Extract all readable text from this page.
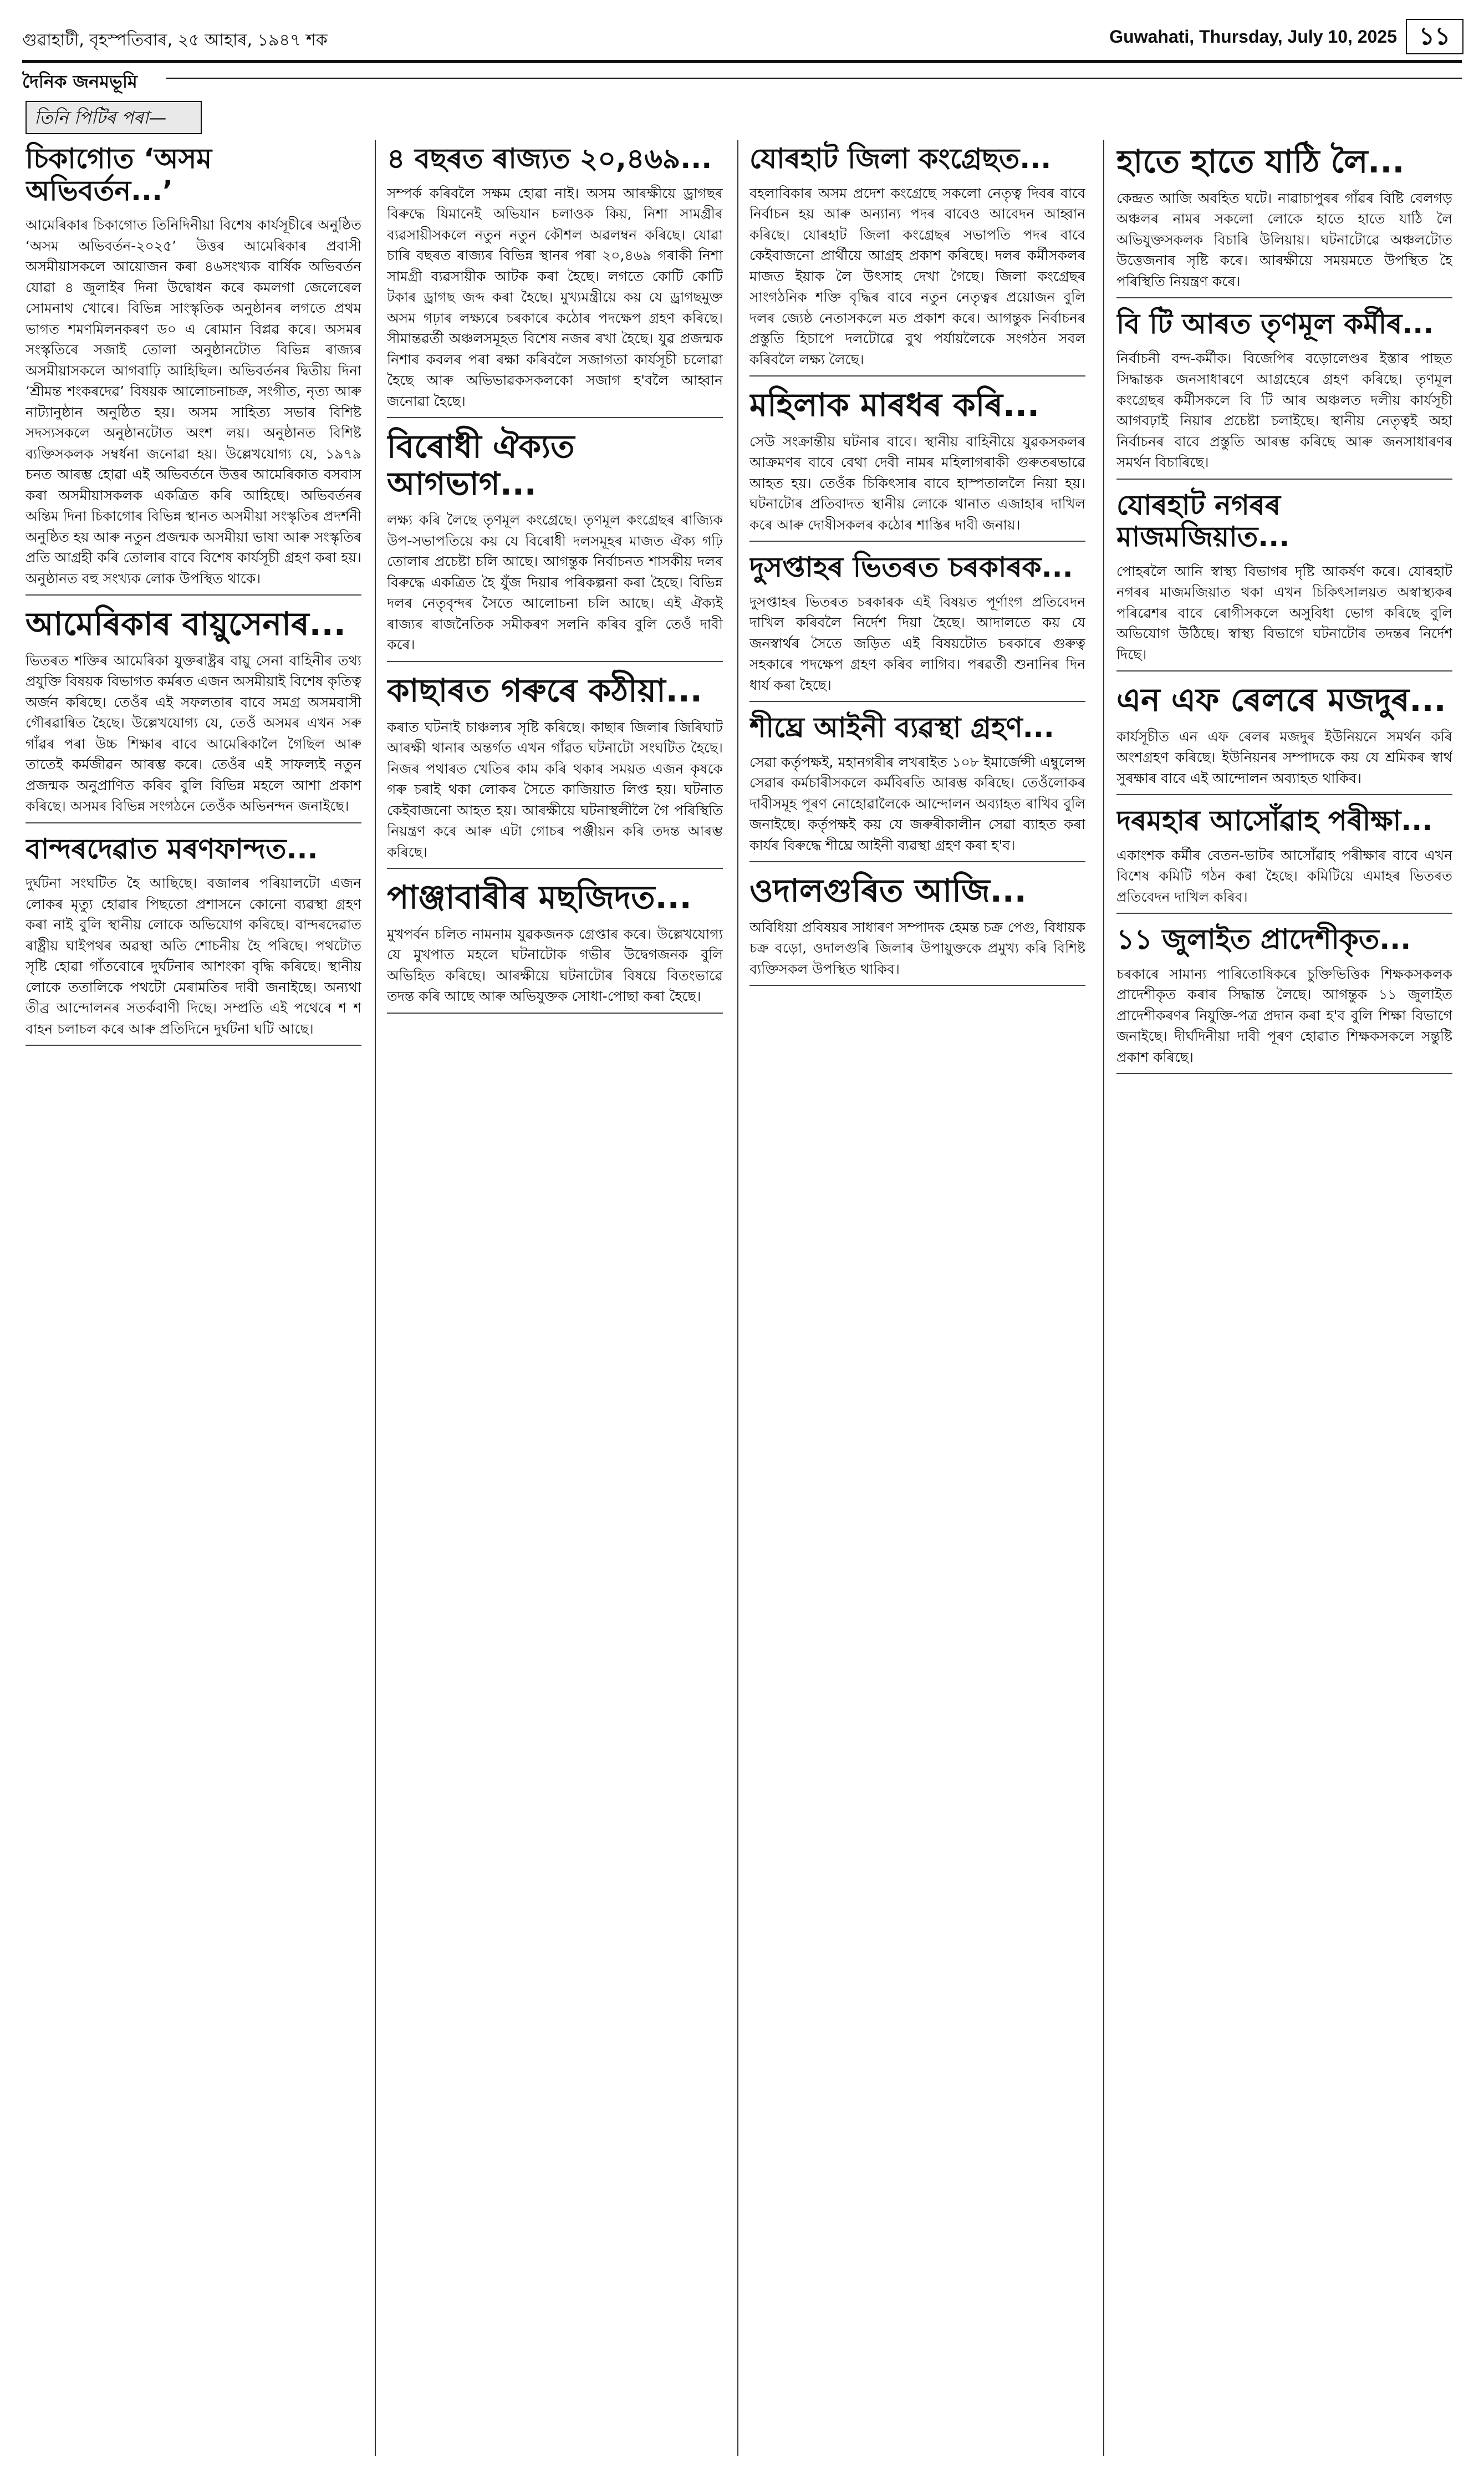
গুৱাহাটী, বৃহস্পতিবাৰ, ২৫ আহাৰ, ১৯৪৭ শক	Guwahati, Thursday, July 10, 2025 ১১
দৈনিক জনমভূমি
তিনি পিটিৰ পৰা—
চিকাগোত ‘অসম অভিবৰ্তন...’
আমেৰিকাৰ চিকাগোত তিনিদিনীয়া বিশেষ কাৰ্যসূচীৰে অনুষ্ঠিত ‘অসম অভিবৰ্তন-২০২৫’ উত্তৰ আমেৰিকাৰ প্ৰবাসী অসমীয়াসকলে আয়োজন কৰা ৪৬সংখ্যক বাৰ্ষিক অভিবৰ্তন যোৱা ৪ জুলাইৰ দিনা উদ্বোধন কৰে কমলগা জেলেৰেল সোমনাথ খোৰে। বিভিন্ন সাংস্কৃতিক অনুষ্ঠানৰ লগতে প্ৰথম ভাগত শমণমিলনকৰণ ড০ এ ৰোমান বিপ্লৱ কৰে। অসমৰ সংস্কৃতিৰে সজাই তোলা অনুষ্ঠানটোত বিভিন্ন ৰাজ্যৰ অসমীয়াসকলে আগবাঢ়ি আহিছিল। অভিবৰ্তনৰ দ্বিতীয় দিনা ‘শ্ৰীমন্ত শংকৰদেৱ’ বিষয়ক আলোচনাচক্ৰ, সংগীত, নৃত্য আৰু নাট্যানুষ্ঠান অনুষ্ঠিত হয়। অসম সাহিত্য সভাৰ বিশিষ্ট সদস্যসকলে অনুষ্ঠানটোত অংশ লয়। অনুষ্ঠানত বিশিষ্ট ব্যক্তিসকলক সম্বৰ্ধনা জনোৱা হয়। উল্লেখযোগ্য যে, ১৯৭৯ চনত আৰম্ভ হোৱা এই অভিবৰ্তনে উত্তৰ আমেৰিকাত বসবাস কৰা অসমীয়াসকলক একত্ৰিত কৰি আহিছে। অভিবৰ্তনৰ অন্তিম দিনা চিকাগোৰ বিভিন্ন স্থানত অসমীয়া সংস্কৃতিৰ প্ৰদৰ্শনী অনুষ্ঠিত হয় আৰু নতুন প্ৰজন্মক অসমীয়া ভাষা আৰু সংস্কৃতিৰ প্ৰতি আগ্ৰহী কৰি তোলাৰ বাবে বিশেষ কাৰ্যসূচী গ্ৰহণ কৰা হয়। অনুষ্ঠানত বহু সংখ্যক লোক উপস্থিত থাকে।
আমেৰিকাৰ বায়ুসেনাৰ...
ভিতৰত শক্তিৰ আমেৰিকা যুক্তৰাষ্ট্ৰৰ বায়ু সেনা বাহিনীৰ তথ্য প্ৰযুক্তি বিষয়ক বিভাগত কৰ্মৰত এজন অসমীয়াই বিশেষ কৃতিত্ব অৰ্জন কৰিছে। তেওঁৰ এই সফলতাৰ বাবে সমগ্ৰ অসমবাসী গৌৰৱান্বিত হৈছে। উল্লেখযোগ্য যে, তেওঁ অসমৰ এখন সৰু গাঁৱৰ পৰা উচ্চ শিক্ষাৰ বাবে আমেৰিকালৈ গৈছিল আৰু তাতেই কৰ্মজীৱন আৰম্ভ কৰে। তেওঁৰ এই সাফল্যই নতুন প্ৰজন্মক অনুপ্ৰাণিত কৰিব বুলি বিভিন্ন মহলে আশা প্ৰকাশ কৰিছে। অসমৰ বিভিন্ন সংগঠনে তেওঁক অভিনন্দন জনাইছে।
বান্দৰদেৱাত মৰণফান্দত...
দুৰ্ঘটনা সংঘটিত হৈ আছিছে। বজালৰ পৰিয়ালটো এজন লোকৰ মৃত্যু হোৱাৰ পিছতো প্ৰশাসনে কোনো ব্যৱস্থা গ্ৰহণ কৰা নাই বুলি স্থানীয় লোকে অভিযোগ কৰিছে। বান্দৰদেৱাত ৰাষ্ট্ৰীয় ঘাইপথৰ অৱস্থা অতি শোচনীয় হৈ পৰিছে। পথটোত সৃষ্টি হোৱা গাঁতবোৰে দুৰ্ঘটনাৰ আশংকা বৃদ্ধি কৰিছে। স্থানীয় লোকে ততালিকে পথটো মেৰামতিৰ দাবী জনাইছে। অন্যথা তীব্ৰ আন্দোলনৰ সতৰ্কবাণী দিছে। সম্প্ৰতি এই পথেৰে শ শ বাহন চলাচল কৰে আৰু প্ৰতিদিনে দুৰ্ঘটনা ঘটি আছে।
৪ বছৰত ৰাজ্যত ২০,৪৬৯...
সম্পৰ্ক কৰিবলৈ সক্ষম হোৱা নাই। অসম আৰক্ষীয়ে ড্ৰাগছৰ বিৰুদ্ধে যিমানেই অভিযান চলাওক কিয়, নিশা সামগ্ৰীৰ ব্যৱসায়ীসকলে নতুন নতুন কৌশল অৱলম্বন কৰিছে। যোৱা চাৰি বছৰত ৰাজ্যৰ বিভিন্ন স্থানৰ পৰা ২০,৪৬৯ গৰাকী নিশা সামগ্ৰী ব্যৱসায়ীক আটক কৰা হৈছে। লগতে কোটি কোটি টকাৰ ড্ৰাগছ জব্দ কৰা হৈছে। মুখ্যমন্ত্ৰীয়ে কয় যে ড্ৰাগছমুক্ত অসম গঢ়াৰ লক্ষ্যৰে চৰকাৰে কঠোৰ পদক্ষেপ গ্ৰহণ কৰিছে। সীমান্তৱৰ্তী অঞ্চলসমূহত বিশেষ নজৰ ৰখা হৈছে। যুৱ প্ৰজন্মক নিশাৰ কবলৰ পৰা ৰক্ষা কৰিবলৈ সজাগতা কাৰ্যসূচী চলোৱা হৈছে আৰু অভিভাৱকসকলকো সজাগ হ'বলৈ আহ্বান জনোৱা হৈছে।
বিৰোধী ঐক্যত আগভাগ...
লক্ষ্য কৰি লৈছে তৃণমূল কংগ্ৰেছে। তৃণমূল কংগ্ৰেছৰ ৰাজ্যিক উপ-সভাপতিয়ে কয় যে বিৰোধী দলসমূহৰ মাজত ঐক্য গঢ়ি তোলাৰ প্ৰচেষ্টা চলি আছে। আগন্তুক নিৰ্বাচনত শাসকীয় দলৰ বিৰুদ্ধে একত্ৰিত হৈ যুঁজ দিয়াৰ পৰিকল্পনা কৰা হৈছে। বিভিন্ন দলৰ নেতৃবৃন্দৰ সৈতে আলোচনা চলি আছে। এই ঐক্যই ৰাজ্যৰ ৰাজনৈতিক সমীকৰণ সলনি কৰিব বুলি তেওঁ দাবী কৰে।
কাছাৰত গৰুৰে কঠীয়া...
কৰাত ঘটনাই চাঞ্চল্যৰ সৃষ্টি কৰিছে। কাছাৰ জিলাৰ জিৰিঘাট আৰক্ষী থানাৰ অন্তৰ্গত এখন গাঁৱত ঘটনাটো সংঘটিত হৈছে। নিজৰ পথাৰত খেতিৰ কাম কৰি থকাৰ সময়ত এজন কৃষকে গৰু চৰাই থকা লোকৰ সৈতে কাজিয়াত লিপ্ত হয়। ঘটনাত কেইবাজনো আহত হয়। আৰক্ষীয়ে ঘটনাস্থলীলৈ গৈ পৰিস্থিতি নিয়ন্ত্ৰণ কৰে আৰু এটা গোচৰ পঞ্জীয়ন কৰি তদন্ত আৰম্ভ কৰিছে।
পাঞ্জাবাৰীৰ মছজিদত...
মুখপৰ্বন চলিত নামনাম যুৱকজনক গ্ৰেপ্তাৰ কৰে। উল্লেখযোগ্য যে মুখপাত মহলে ঘটনাটোক গভীৰ উদ্বেগজনক বুলি অভিহিত কৰিছে। আৰক্ষীয়ে ঘটনাটোৰ বিষয়ে বিতংভাৱে তদন্ত কৰি আছে আৰু অভিযুক্তক সোধা-পোছা কৰা হৈছে।
যোৰহাট জিলা কংগ্ৰেছত...
বহলাবিকাৰ অসম প্ৰদেশ কংগ্ৰেছে সকলো নেতৃত্ব দিবৰ বাবে নিৰ্বাচন হয় আৰু অন্যান্য পদৰ বাবেও আবেদন আহ্বান কৰিছে। যোৰহাট জিলা কংগ্ৰেছৰ সভাপতি পদৰ বাবে কেইবাজনো প্ৰাৰ্থীয়ে আগ্ৰহ প্ৰকাশ কৰিছে। দলৰ কৰ্মীসকলৰ মাজত ইয়াক লৈ উৎসাহ দেখা গৈছে। জিলা কংগ্ৰেছৰ সাংগঠনিক শক্তি বৃদ্ধিৰ বাবে নতুন নেতৃত্বৰ প্ৰয়োজন বুলি দলৰ জ্যেষ্ঠ নেতাসকলে মত প্ৰকাশ কৰে। আগন্তুক নিৰ্বাচনৰ প্ৰস্তুতি হিচাপে দলটোৱে বুথ পৰ্যায়লৈকে সংগঠন সবল কৰিবলৈ লক্ষ্য লৈছে।
মহিলাক মাৰধৰ কৰি...
সেউ সংক্ৰান্তীয় ঘটনাৰ বাবে। স্থানীয় বাহিনীয়ে যুৱকসকলৰ আক্ৰমণৰ বাবে বেথা দেবী নামৰ মহিলাগৰাকী গুৰুতৰভাৱে আহত হয়। তেওঁক চিকিৎসাৰ বাবে হাস্পতাললৈ নিয়া হয়। ঘটনাটোৰ প্ৰতিবাদত স্থানীয় লোকে থানাত এজাহাৰ দাখিল কৰে আৰু দোষীসকলৰ কঠোৰ শাস্তিৰ দাবী জনায়।
দুসপ্তাহৰ ভিতৰত চৰকাৰক...
দুসপ্তাহৰ ভিতৰত চৰকাৰক এই বিষয়ত পূৰ্ণাংগ প্ৰতিবেদন দাখিল কৰিবলৈ নিৰ্দেশ দিয়া হৈছে। আদালতে কয় যে জনস্বাৰ্থৰ সৈতে জড়িত এই বিষয়টোত চৰকাৰে গুৰুত্ব সহকাৰে পদক্ষেপ গ্ৰহণ কৰিব লাগিব। পৰৱৰ্তী শুনানিৰ দিন ধাৰ্য কৰা হৈছে।
শীঘ্ৰে আইনী ব্যৱস্থা গ্ৰহণ...
সেৱা কৰ্তৃপক্ষই, মহানগৰীৰ লখৰাইত ১০৮ ইমাৰ্জেন্সী এম্বুলেন্স সেৱাৰ কৰ্মচাৰীসকলে কৰ্মবিৰতি আৰম্ভ কৰিছে। তেওঁলোকৰ দাবীসমূহ পূৰণ নোহোৱালৈকে আন্দোলন অব্যাহত ৰাখিব বুলি জনাইছে। কৰ্তৃপক্ষই কয় যে জৰুৰীকালীন সেৱা ব্যাহত কৰা কাৰ্যৰ বিৰুদ্ধে শীঘ্ৰে আইনী ব্যৱস্থা গ্ৰহণ কৰা হ'ব।
ওদালগুৰিত আজি...
অবিধিয়া প্ৰবিষয়ৰ সাধাৰণ সম্পাদক হেমন্ত চক্ৰ পেগু, বিধায়ক চক্ৰ বড়ো, ওদালগুৰি জিলাৰ উপায়ুক্তকে প্ৰমুখ্য কৰি বিশিষ্ট ব্যক্তিসকল উপস্থিত থাকিব।
হাতে হাতে যাঠি লৈ...
কেন্দ্ৰত আজি অবহিত ঘটে। নাৱাচাপুৰৰ গাঁৱৰ বিষ্টি বেলগড় অঞ্চলৰ নামৰ সকলো লোকে হাতে হাতে যাঠি লৈ অভিযুক্তসকলক বিচাৰি উলিয়ায়। ঘটনাটোৱে অঞ্চলটোত উত্তেজনাৰ সৃষ্টি কৰে। আৰক্ষীয়ে সময়মতে উপস্থিত হৈ পৰিস্থিতি নিয়ন্ত্ৰণ কৰে।
বি টি আৰত তৃণমূল কৰ্মীৰ...
নিৰ্বাচনী বন্দ-কৰ্মীক। বিজেপিৰ বড়োলেণ্ডৰ ইস্তাৰ পাছত সিদ্ধান্তক জনসাধাৰণে আগ্ৰহেৰে গ্ৰহণ কৰিছে। তৃণমূল কংগ্ৰেছৰ কৰ্মীসকলে বি টি আৰ অঞ্চলত দলীয় কাৰ্যসূচী আগবঢ়াই নিয়াৰ প্ৰচেষ্টা চলাইছে। স্থানীয় নেতৃত্বই অহা নিৰ্বাচনৰ বাবে প্ৰস্তুতি আৰম্ভ কৰিছে আৰু জনসাধাৰণৰ সমৰ্থন বিচাৰিছে।
যোৰহাট নগৰৰ মাজমজিয়াত...
পোহৰলৈ আনি স্বাস্থ্য বিভাগৰ দৃষ্টি আকৰ্ষণ কৰে। যোৰহাট নগৰৰ মাজমজিয়াত থকা এখন চিকিৎসালয়ত অস্বাস্থ্যকৰ পৰিৱেশৰ বাবে ৰোগীসকলে অসুবিধা ভোগ কৰিছে বুলি অভিযোগ উঠিছে। স্বাস্থ্য বিভাগে ঘটনাটোৰ তদন্তৰ নিৰ্দেশ দিছে।
এন এফ ৰেলৰে মজদুৰ...
কাৰ্যসূচীত এন এফ ৰেলৰ মজদুৰ ইউনিয়নে সমৰ্থন কৰি অংশগ্ৰহণ কৰিছে। ইউনিয়নৰ সম্পাদকে কয় যে শ্ৰমিকৰ স্বাৰ্থ সুৰক্ষাৰ বাবে এই আন্দোলন অব্যাহত থাকিব।
দৰমহাৰ আসোঁৱাহ পৰীক্ষা...
একাংশক কৰ্মীৰ বেতন-ভাটৰ আসোঁৱাহ পৰীক্ষাৰ বাবে এখন বিশেষ কমিটি গঠন কৰা হৈছে। কমিটিয়ে এমাহৰ ভিতৰত প্ৰতিবেদন দাখিল কৰিব।
১১ জুলাইত প্ৰাদেশীকৃত...
চৰকাৰে সামান্য পাৰিতোষিকৰে চুক্তিভিত্তিক শিক্ষকসকলক প্ৰাদেশীকৃত কৰাৰ সিদ্ধান্ত লৈছে। আগন্তুক ১১ জুলাইত প্ৰাদেশীকৰণৰ নিযুক্তি-পত্ৰ প্ৰদান কৰা হ'ব বুলি শিক্ষা বিভাগে জনাইছে। দীৰ্ঘদিনীয়া দাবী পূৰণ হোৱাত শিক্ষকসকলে সন্তুষ্টি প্ৰকাশ কৰিছে।
